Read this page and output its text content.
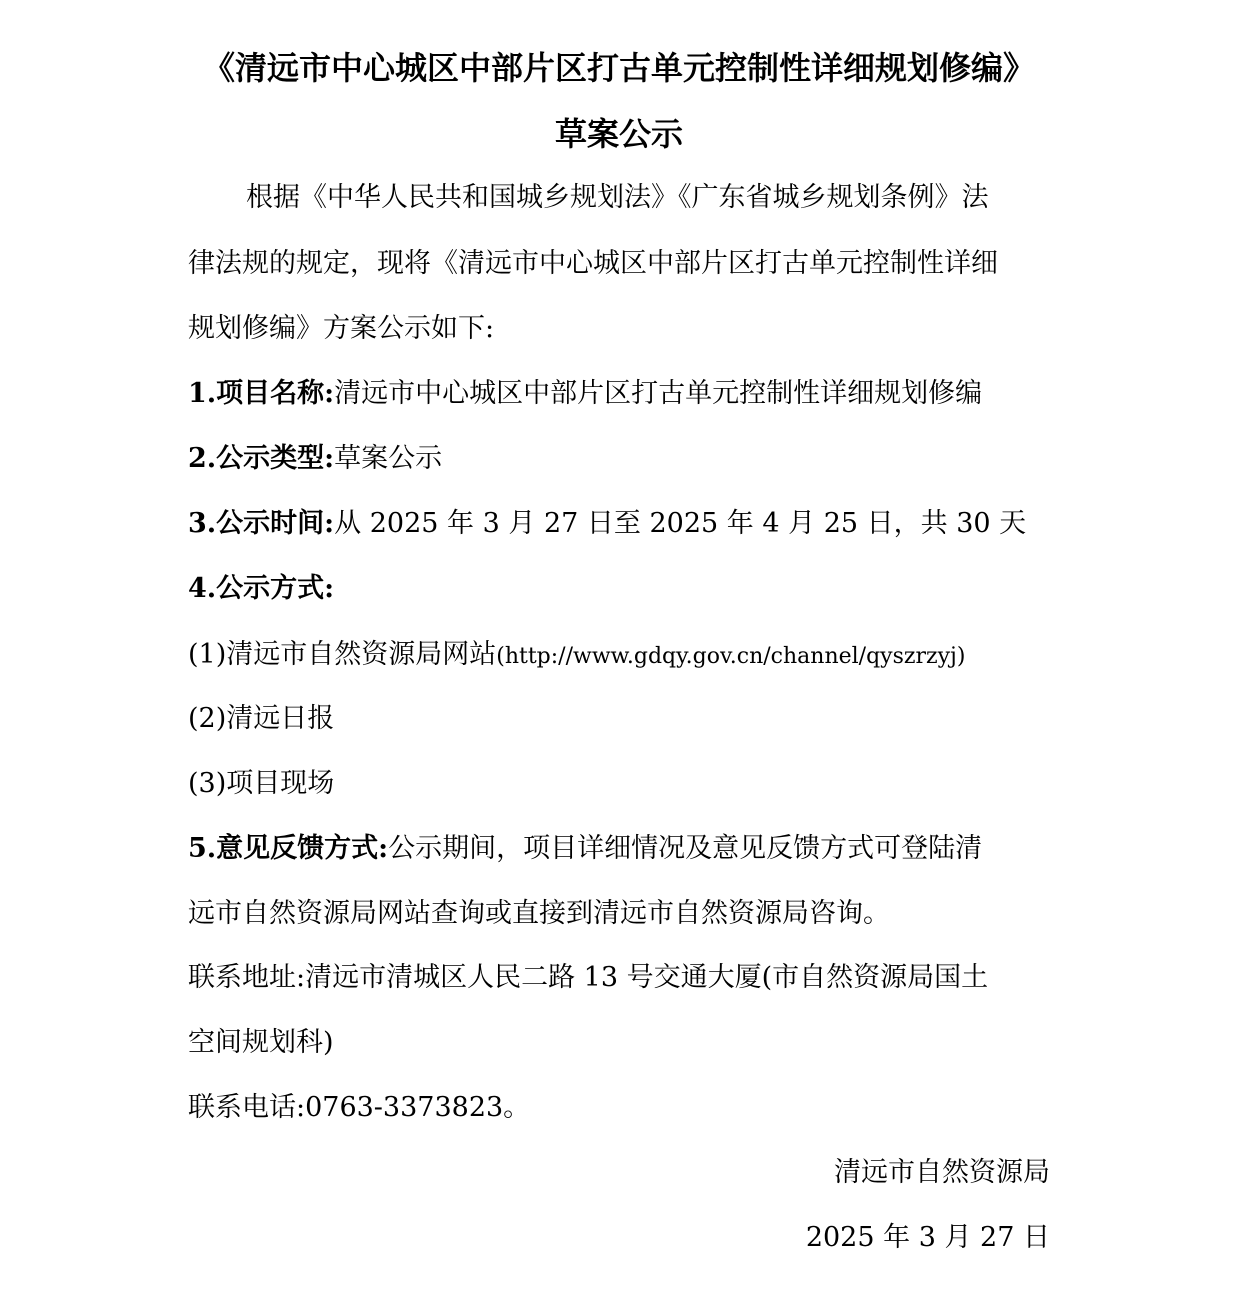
《清远市中心城区中部片区打古单元控制性详细规划修编》
草案公示
根据《中华人民共和国城乡规划法》《广东省城乡规划条例》法
律法规的规定，现将《清远市中心城区中部片区打古单元控制性详细
规划修编》方案公示如下:
1.项目名称:清远市中心城区中部片区打古单元控制性详细规划修编
2.公示类型:草案公示
3.公示时间:从 2025 年 3 月 27 日至 2025 年 4 月 25 日，共 30 天
4.公示方式:
(1)清远市自然资源局网站(http://www.gdqy.gov.cn/channel/qyszrzyj)
(2)清远日报
(3)项目现场
5.意见反馈方式:公示期间，项目详细情况及意见反馈方式可登陆清
远市自然资源局网站查询或直接到清远市自然资源局咨询。
联系地址:清远市清城区人民二路 13 号交通大厦(市自然资源局国土
空间规划科)
联系电话:0763-3373823。
清远市自然资源局
2025 年 3 月 27 日
